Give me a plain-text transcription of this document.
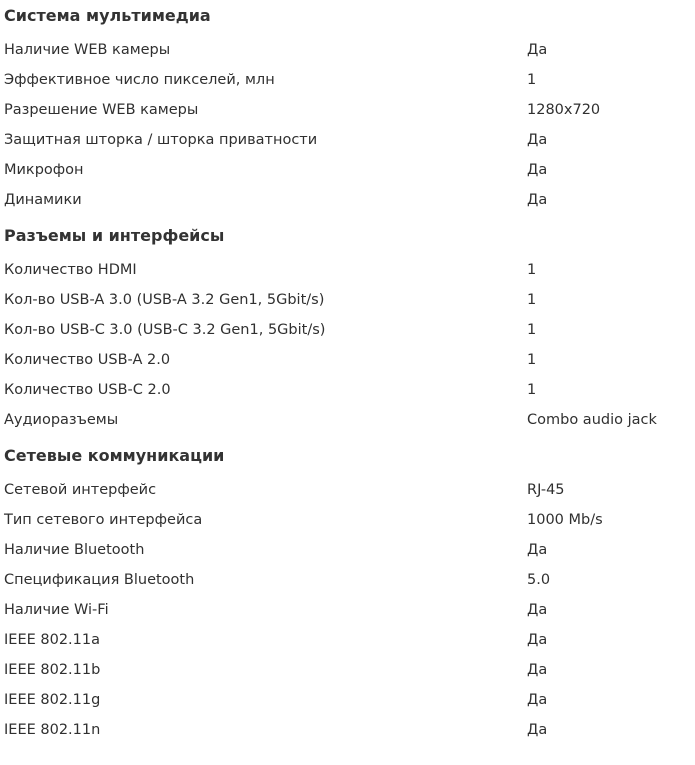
Система мультимедиа
Наличие WEB камеры	Да
Эффективное число пикселей, млн	1
Разрешение WEB камеры	1280x720
Защитная шторка / шторка приватности	Да
Микрофон	Да
Динамики	Да
Разъемы и интерфейсы
Количество HDMI	1
Кол-во USB-A 3.0 (USB-A 3.2 Gen1, 5Gbit/s)	1
Кол-во USB-C 3.0 (USB-C 3.2 Gen1, 5Gbit/s)	1
Количество USB-A 2.0	1
Количество USB-C 2.0	1
Аудиоразъемы	Combo audio jack
Сетевые коммуникации
Сетевой интерфейс	RJ-45
Тип сетевого интерфейса	1000 Mb/s
Наличие Bluetooth	Да
Спецификация Bluetooth	5.0
Наличие Wi-Fi	Да
IEEE 802.11a	Да
IEEE 802.11b	Да
IEEE 802.11g	Да
IEEE 802.11n	Да
